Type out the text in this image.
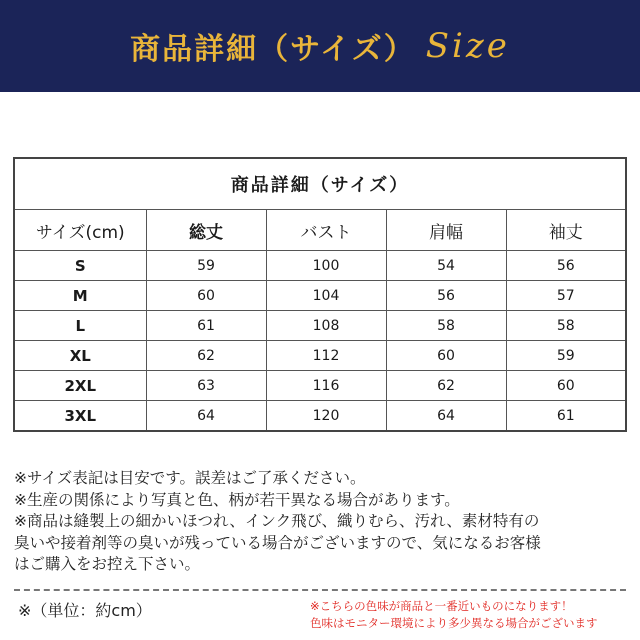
商品詳細（サイズ） Size
商品詳細（サイズ）				
サイズ(cm)	総丈	バスト	肩幅	袖丈
S	59	100	54	56
M	60	104	56	57
L	61	108	58	58
XL	62	112	60	59
2XL	63	116	62	60
3XL	64	120	64	61

※サイズ表記は目安です。誤差はご了承ください。

※生産の関係により写真と色、柄が若干異なる場合があります。

※商品は縫製上の細かいほつれ、インク飛び、織りむら、汚れ、素材特有の

臭いや接着剤等の臭いが残っている場合がございますので、気になるお客様

はご購入をお控え下さい。

※（単位：約cm）	※こちらの色味が商品と一番近いものになります！

色味はモニター環境により多少異なる場合がございます
